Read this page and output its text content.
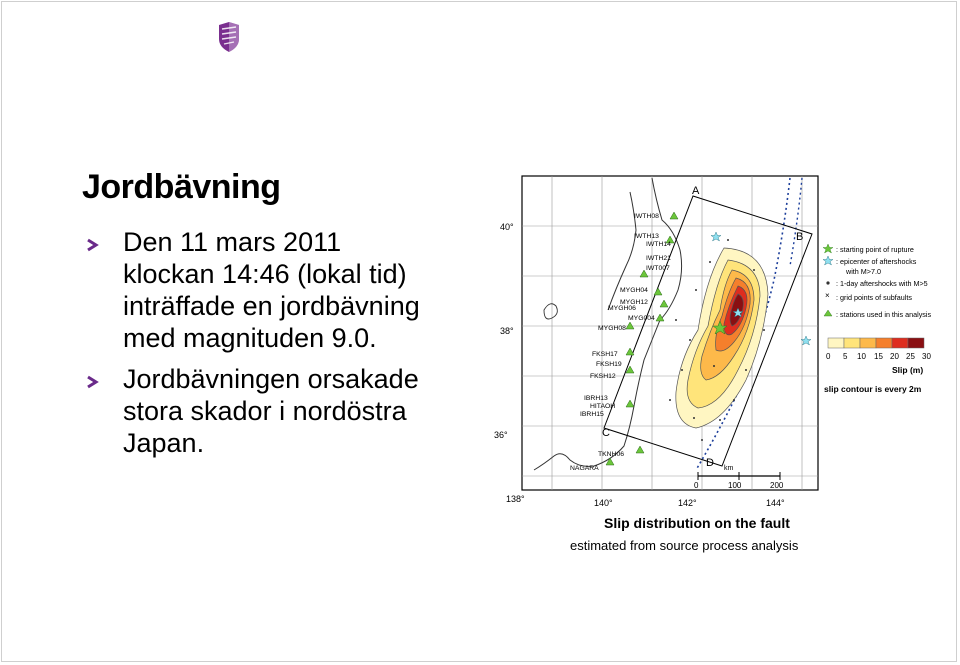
Jordbävning
Den 11 mars 2011
klockan 14:46 (lokal tid)
inträffade en jordbävning
med magnituden 9.0.
Jordbävningen orsakade
stora skador i nordöstra
Japan.
IWTH08
IWTH13
IWTH14
IWTH21
IWT007
MYGH04
MYGH12
MYGH06
MYG004
MYGH08
FKSH17
FKSH19
FKSH12
IBRH13
HITAOH
IBRH15
TKNH06
NAGARA
A
B
C
D
40°
38°
36°
138°	140°	142°	144°
km
0	100	200
×
: starting point of rupture
: epicenter of aftershocks
with M>7.0
: 1-day aftershocks with M>5
: grid points of subfaults
: stations used in this analysis
0 5 10 15 20 25 30
Slip (m)
slip contour is every 2m
Slip distribution on the fault
estimated from source process analysis
